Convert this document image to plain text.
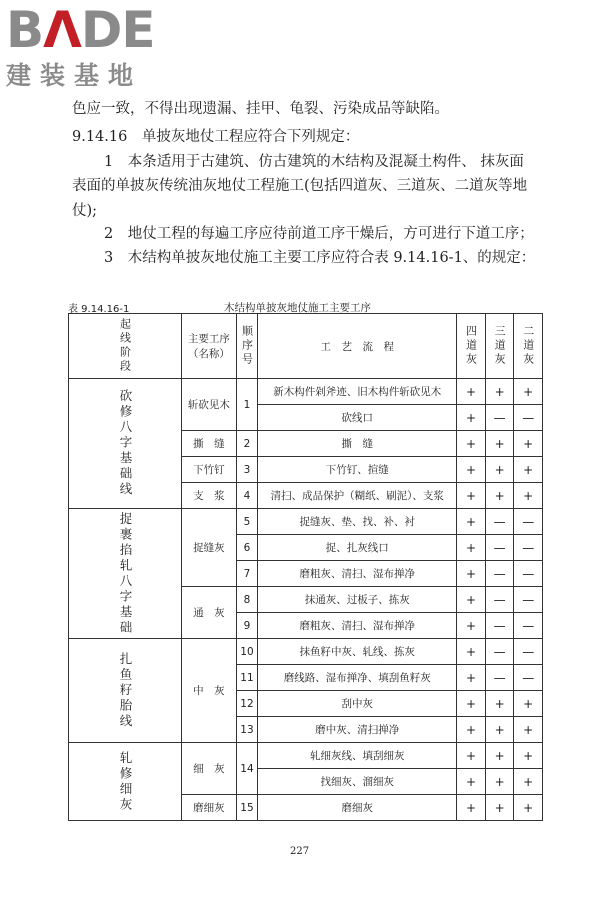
BΛDE
建装基地
色应一致，不得出现遗漏、挂甲、龟裂、污染成品等缺陷。
9.14.16　单披灰地仗工程应符合下列规定：
1　本条适用于古建筑、仿古建筑的木结构及混凝土构件、 抹灰面
表面的单披灰传统油灰地仗工程施工(包括四道灰、三道灰、二道灰等地
仗);
2　地仗工程的每遍工序应待前道工序干燥后，方可进行下道工序；
3　木结构单披灰地仗施工主要工序应符合表 9.14.16-1、的规定：
表 9.14.16-1	木结构单披灰地仗施工主要工序
起线阶段	主要工序（名称）	顺序号	工　艺　流　程	四道灰	三道灰	二道灰

砍修八字基础线	斩砍见木	1	新木构件剁斧迹、旧木构件斩砍见木	+	+	+
			砍线口	+	—	—
	撕　缝	2	撕　缝	+	+	+
	下竹钉	3	下竹钉、揎缝	+	+	+
	支　浆	4	清扫、成品保护（糊纸、刷泥）、支浆	+	+	+

捉裹掐轧八字基础	捉缝灰	5	捉缝灰、垫、找、补、衬	+	—	—
		6	捉、扎灰线口	+	—	—
		7	磨粗灰、清扫、湿布掸净	+	—	—
	通　灰	8	抹通灰、过板子、拣灰	+	—	—
		9	磨粗灰、清扫、湿布掸净	+	—	—

扎鱼籽胎线	中　灰	10	抹鱼籽中灰、轧线、拣灰	+	—	—
		11	磨线路、湿布掸净、填刮鱼籽灰	+	—	—
		12	刮中灰	+	+	+
		13	磨中灰、清扫掸净	+	+	+

轧修细灰	细　灰	14	轧细灰线、填刮细灰	+	+	+
			找细灰、溜细灰	+	+	+
	磨细灰	15	磨细灰	+	+	+
227
